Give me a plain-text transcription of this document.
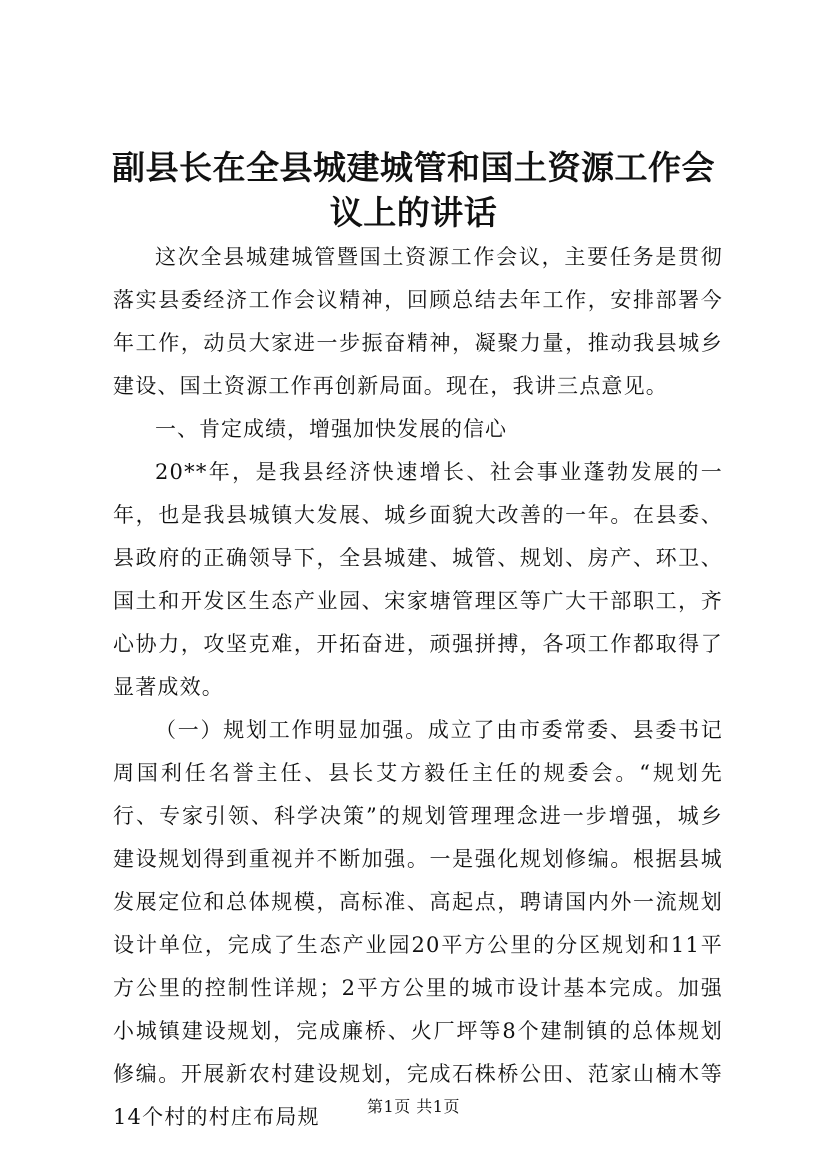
副县长在全县城建城管和国土资源工作会议上的讲话

这次全县城建城管暨国土资源工作会议，主要任务是贯彻落实县委经济工作会议精神，回顾总结去年工作，安排部署今年工作，动员大家进一步振奋精神，凝聚力量，推动我县城乡建设、国土资源工作再创新局面。现在，我讲三点意见。

一、肯定成绩，增强加快发展的信心

20**年，是我县经济快速增长、社会事业蓬勃发展的一年，也是我县城镇大发展、城乡面貌大改善的一年。在县委、县政府的正确领导下，全县城建、城管、规划、房产、环卫、国土和开发区生态产业园、宋家塘管理区等广大干部职工，齐心协力，攻坚克难，开拓奋进，顽强拼搏，各项工作都取得了显著成效。

（一）规划工作明显加强。成立了由市委常委、县委书记周国利任名誉主任、县长艾方毅任主任的规委会。“规划先行、专家引领、科学决策”的规划管理理念进一步增强，城乡建设规划得到重视并不断加强。一是强化规划修编。根据县城发展定位和总体规模，高标准、高起点，聘请国内外一流规划设计单位，完成了生态产业园20平方公里的分区规划和11平方公里的控制性详规；2平方公里的城市设计基本完成。加强小城镇建设规划，完成廉桥、火厂坪等8个建制镇的总体规划修编。开展新农村建设规划，完成石株桥公田、范家山楠木等14个村的村庄布局规	第1页 共1页
